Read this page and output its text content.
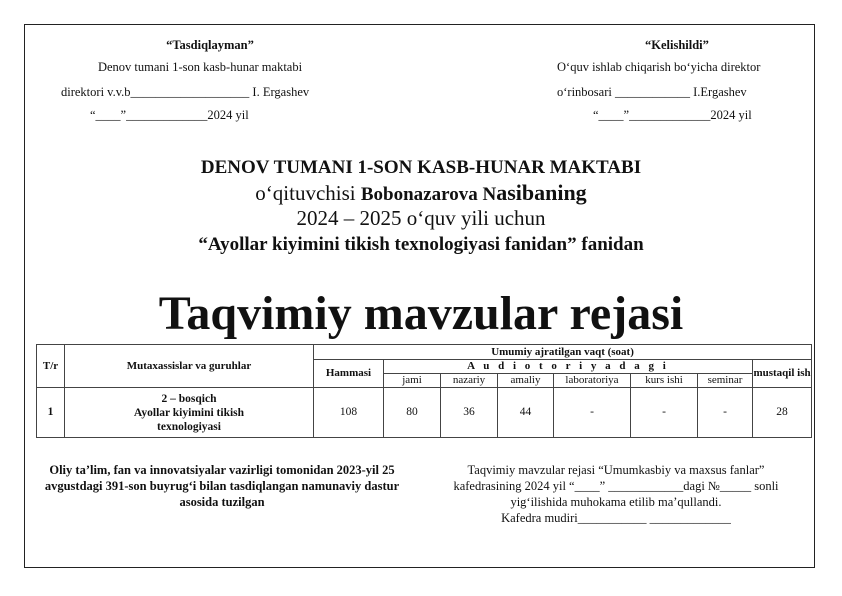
“Tasdiqlayman”
Denov tumani 1-son kasb-hunar maktabi
direktori v.v.b___________________ I. Ergashev
“____”_____________2024 yil
“Kelishildi”
O‘quv ishlab chiqarish bo‘yicha direktor
o‘rinbosari ____________ I.Ergashev
“____”_____________2024 yil
DENOV TUMANI 1-SON KASB-HUNAR MAKTABI
o‘qituvchisi Bobonazarova Nasibaning
2024 – 2025 o‘quv yili uchun
“Ayollar kiyimini tikish texnologiyasi fanidan” fanidan
Taqvimiy mavzular rejasi
T/r	Mutaxassislar va guruhlar	Umumiy ajratilgan vaqt (soat)							
		Hammasi	A u d i o t o r i y a d a g i						mustaqil ish
			jami	nazariy	amaliy	laboratoriya	kurs ishi	seminar	
1	2 – bosqich
Ayollar kiyimini tikish
texnologiyasi	108	80	36	44	-	-	-	28
Oliy ta’lim, fan va innovatsiyalar vazirligi tomonidan 2023-yil 25 avgustdagi 391-son buyrug‘i bilan tasdiqlangan namunaviy dastur asosida tuzilgan
Taqvimiy mavzular rejasi “Umumkasbiy va maxsus fanlar”
kafedrasining 2024 yil “____” ____________dagi №_____ sonli
yig‘ilishida muhokama etilib ma’qullandi.
Kafedra mudiri___________ _____________
